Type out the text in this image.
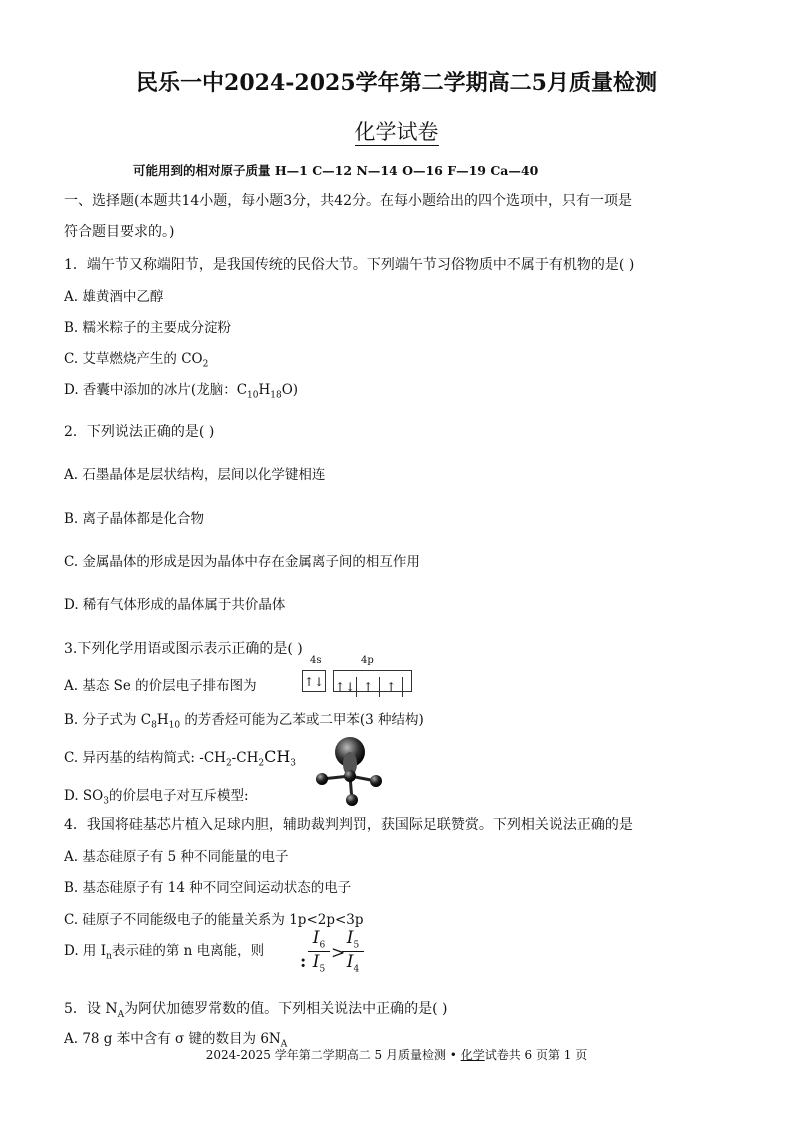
民乐一中2024-2025学年第二学期高二5月质量检测
化学试卷
可能用到的相对原子质量 H—1 C—12 N—14 O—16 F—19 Ca—40
一、选择题(本题共14小题，每小题3分，共42分。在每小题给出的四个选项中，只有一项是
符合题目要求的。)
1．端午节又称端阳节，是我国传统的民俗大节。下列端午节习俗物质中不属于有机物的是( )
A. 雄黄酒中乙醇
B. 糯米粽子的主要成分淀粉
C. 艾草燃烧产生的 $CO_2$
D. 香囊中添加的冰片(龙脑：$C_{10}H_{18}O$)
2．下列说法正确的是( )
A. 石墨晶体是层状结构，层间以化学键相连
B. 离子晶体都是化合物
C. 金属晶体的形成是因为晶体中存在金属离子间的相互作用
D. 稀有气体形成的晶体属于共价晶体
3.下列化学用语或图示表示正确的是( )
A. 基态 Se 的价层电子排布图为
4s	4p
↑↓ ↑↓ ↑ ↑
B. 分子式为 $C_8H_{10}$ 的芳香烃可能为乙苯或二甲苯(3 种结构)
C. 异丙基的结构简式: $-CH_2-CH_2CH_3$
D. $SO_3$的价层电子对互斥模型:
4．我国将硅基芯片植入足球内胆，辅助裁判判罚，获国际足联赞赏。下列相关说法正确的是
A. 基态硅原子有 5 种不同能量的电子
B. 基态硅原子有 14 种不同空间运动状态的电子
C. 硅原子不同能级电子的能量关系为 1p<2p<3p
D. 用 $I_n$表示硅的第 n 电离能，则
:
$I_6$
$I_5$
>
$I_5$
$I_4$
5．设 $N_A$为阿伏加德罗常数的值。下列相关说法中正确的是( )
A. 78 g 苯中含有 σ 键的数目为 $6N_A$
2024-2025 学年第二学期高二 5 月质量检测 • 化学试卷共 6 页第 1 页
